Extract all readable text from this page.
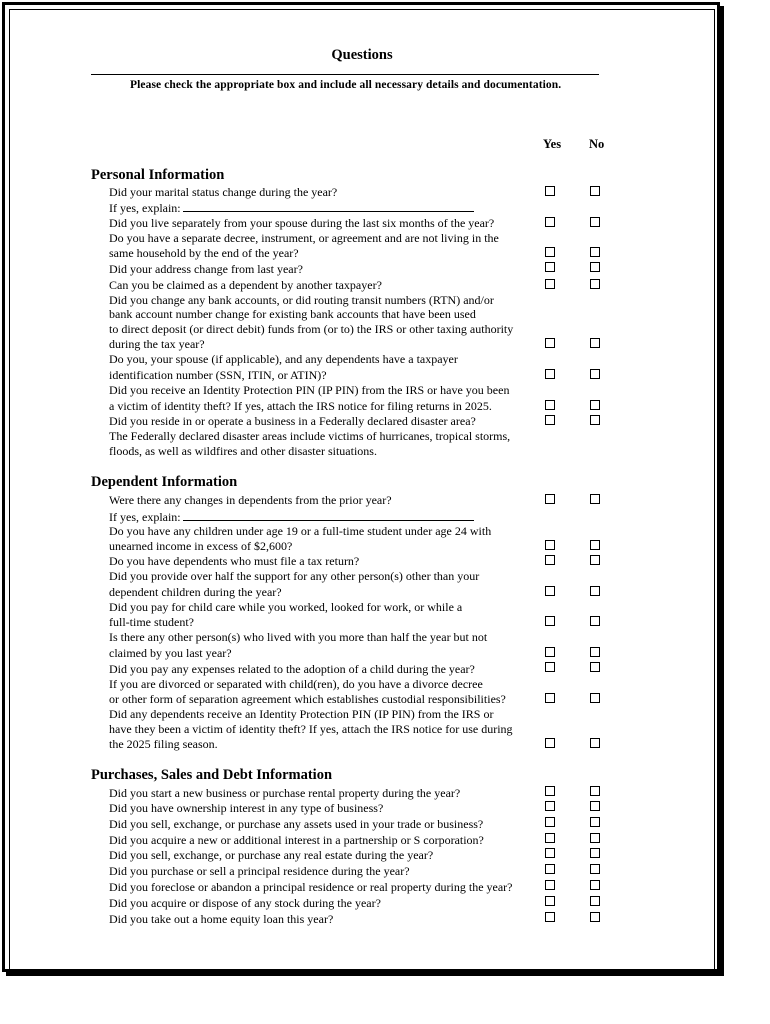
Questions
Please check the appropriate box and include all necessary details and documentation.
Yes No
Personal Information
Did your marital status change during the year?
If yes, explain:
Did you live separately from your spouse during the last six months of the year?
Do you have a separate decree, instrument, or agreement and are not living in the
same household by the end of the year?
Did your address change from last year?
Can you be claimed as a dependent by another taxpayer?
Did you change any bank accounts, or did routing transit numbers (RTN) and/or
bank account number change for existing bank accounts that have been used
to direct deposit (or direct debit) funds from (or to) the IRS or other taxing authority
during the tax year?
Do you, your spouse (if applicable), and any dependents have a taxpayer
identification number (SSN, ITIN, or ATIN)?
Did you receive an Identity Protection PIN (IP PIN) from the IRS or have you been
a victim of identity theft? If yes, attach the IRS notice for filing returns in 2025.
Did you reside in or operate a business in a Federally declared disaster area?
The Federally declared disaster areas include victims of hurricanes, tropical storms,
floods, as well as wildfires and other disaster situations.
Dependent Information
Were there any changes in dependents from the prior year?
If yes, explain:
Do you have any children under age 19 or a full-time student under age 24 with
unearned income in excess of $2,600?
Do you have dependents who must file a tax return?
Did you provide over half the support for any other person(s) other than your
dependent children during the year?
Did you pay for child care while you worked, looked for work, or while a
full-time student?
Is there any other person(s) who lived with you more than half the year but not
claimed by you last year?
Did you pay any expenses related to the adoption of a child during the year?
If you are divorced or separated with child(ren), do you have a divorce decree
or other form of separation agreement which establishes custodial responsibilities?
Did any dependents receive an Identity Protection PIN (IP PIN) from the IRS or
have they been a victim of identity theft? If yes, attach the IRS notice for use during
the 2025 filing season.
Purchases, Sales and Debt Information
Did you start a new business or purchase rental property during the year?
Did you have ownership interest in any type of business?
Did you sell, exchange, or purchase any assets used in your trade or business?
Did you acquire a new or additional interest in a partnership or S corporation?
Did you sell, exchange, or purchase any real estate during the year?
Did you purchase or sell a principal residence during the year?
Did you foreclose or abandon a principal residence or real property during the year?
Did you acquire or dispose of any stock during the year?
Did you take out a home equity loan this year?
